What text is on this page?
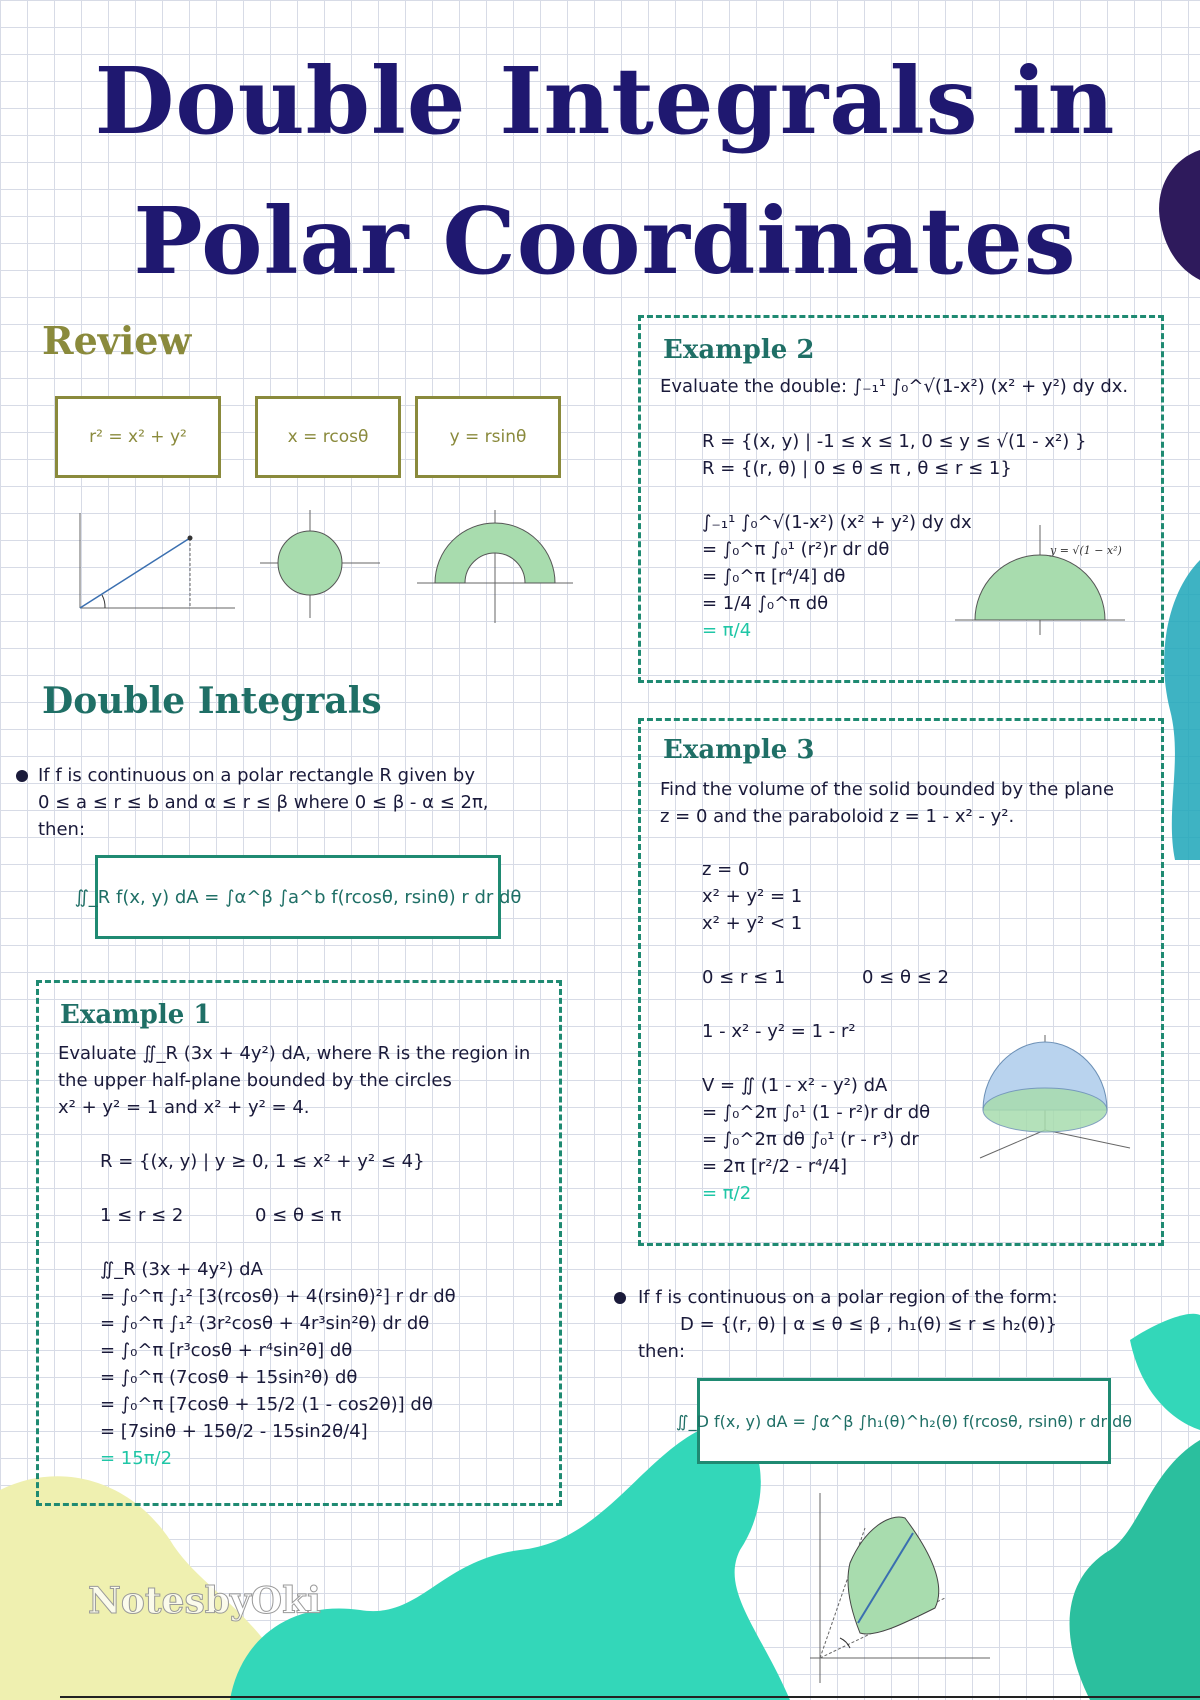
Double Integrals in
Polar Coordinates
Review
r² = x² + y²	x = rcosθ	y = rsinθ
Double Integrals
If f is continuous on a polar rectangle R given by
0 ≤ a ≤ r ≤ b and α ≤ r ≤ β where 0 ≤ β - α ≤ 2π,
then:
∬_R f(x, y) dA = ∫α^β ∫a^b f(rcosθ, rsinθ) r dr dθ
Example 1
Evaluate ∬_R (3x + 4y²) dA, where R is the region in
the upper half-plane bounded by the circles
x² + y² = 1 and x² + y² = 4.
R = {(x, y) | y ≥ 0, 1 ≤ x² + y² ≤ 4}
1 ≤ r ≤ 2	0 ≤ θ ≤ π
∬_R (3x + 4y²) dA
= ∫₀^π ∫₁² [3(rcosθ) + 4(rsinθ)²] r dr dθ
= ∫₀^π ∫₁² (3r²cosθ + 4r³sin²θ) dr dθ
= ∫₀^π [r³cosθ + r⁴sin²θ] dθ
= ∫₀^π (7cosθ + 15sin²θ) dθ
= ∫₀^π [7cosθ + 15/2 (1 - cos2θ)] dθ
= [7sinθ + 15θ/2 - 15sin2θ/4]
= 15π/2
Example 2
Evaluate the double: ∫₋₁¹ ∫₀^√(1-x²) (x² + y²) dy dx.
R = {(x, y) | -1 ≤ x ≤ 1, 0 ≤ y ≤ √(1 - x²) }
R = {(r, θ) | 0 ≤ θ ≤ π , θ ≤ r ≤ 1}
∫₋₁¹ ∫₀^√(1-x²) (x² + y²) dy dx
= ∫₀^π ∫₀¹ (r²)r dr dθ
= ∫₀^π [r⁴/4] dθ
= 1/4 ∫₀^π dθ
= π/4
y = √(1 − x²)
Example 3
Find the volume of the solid bounded by the plane
z = 0 and the paraboloid z = 1 - x² - y².
z = 0
x² + y² = 1
x² + y² < 1
0 ≤ r ≤ 1	0 ≤ θ ≤ 2
1 - x² - y² = 1 - r²
V = ∬ (1 - x² - y²) dA
= ∫₀^2π ∫₀¹ (1 - r²)r dr dθ
= ∫₀^2π dθ ∫₀¹ (r - r³) dr
= 2π [r²/2 - r⁴/4]
= π/2
If f is continuous on a polar region of the form:
D = {(r, θ) | α ≤ θ ≤ β , h₁(θ) ≤ r ≤ h₂(θ)}
then:
∬_D f(x, y) dA = ∫α^β ∫h₁(θ)^h₂(θ) f(rcosθ, rsinθ) r dr dθ
NotesbyOki
